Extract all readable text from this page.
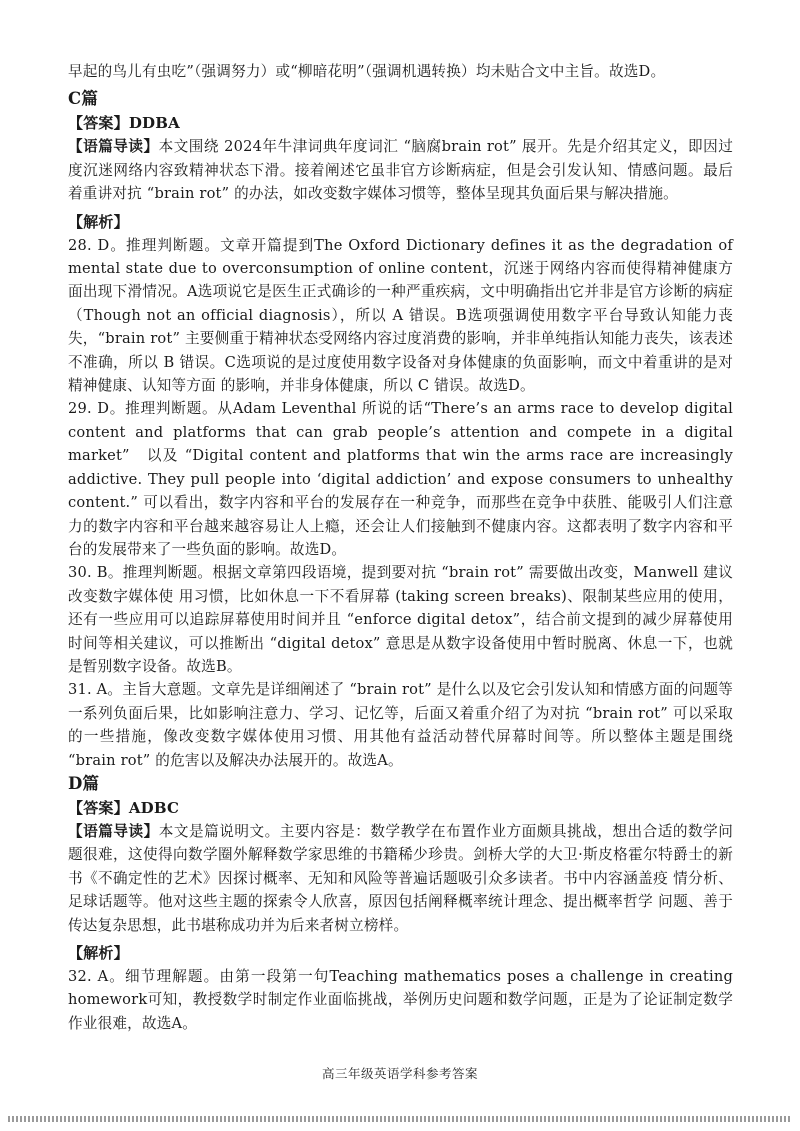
早起的鸟儿有虫吃”（强调努力）或“柳暗花明”（强调机遇转换）均未贴合文中主旨。故选D。

C篇
【答案】DDBA

【语篇导读】本文围绕 2024年牛津词典年度词汇 “脑腐brain rot” 展开。先是介绍其定义，即因过度沉迷网络内容致精神状态下滑。接着阐述它虽非官方诊断病症，但是会引发认知、情感问题。最后着重讲对抗 “brain rot” 的办法，如改变数字媒体习惯等，整体呈现其负面后果与解决措施。

【解析】

28. D。推理判断题。文章开篇提到The Oxford Dictionary defines it as the degradation of mental state due to overconsumption of online content，沉迷于网络内容而使得精神健康方面出现下滑情况。A选项说它是医生正式确诊的一种严重疾病，文中明确指出它并非是官方诊断的病症（Though not an official diagnosis），所以 A 错误。B选项强调使用数字平台导致认知能力丧失，“brain rot” 主要侧重于精神状态受网络内容过度消费的影响，并非单纯指认知能力丧失，该表述不准确，所以 B 错误。C选项说的是过度使用数字设备对身体健康的负面影响，而文中着重讲的是对精神健康、认知等方面 的影响，并非身体健康，所以 C 错误。故选D。

29. D。推理判断题。从Adam Leventhal 所说的话“There’s an arms race to develop digital content and platforms that can grab people’s attention and compete in a digital market”　以及 “Digital content and platforms that win the arms race are increasingly addictive. They pull people into ‘digital addiction’ and expose consumers to unhealthy content.” 可以看出，数字内容和平台的发展存在一种竞争，而那些在竞争中获胜、能吸引人们注意力的数字内容和平台越来越容易让人上瘾，还会让人们接触到不健康内容。这都表明了数字内容和平台的发展带来了一些负面的影响。故选D。

30. B。推理判断题。根据文章第四段语境，提到要对抗 “brain rot” 需要做出改变，Manwell 建议改变数字媒体使 用习惯，比如休息一下不看屏幕 (taking screen breaks)、限制某些应用的使用，还有一些应用可以追踪屏幕使用时间并且 “enforce digital detox”，结合前文提到的减少屏幕使用时间等相关建议，可以推断出 “digital detox” 意思是从数字设备使用中暂时脱离、休息一下，也就是暂别数字设备。故选B。

31. A。主旨大意题。文章先是详细阐述了 “brain rot” 是什么以及它会引发认知和情感方面的问题等一系列负面后果，比如影响注意力、学习、记忆等，后面又着重介绍了为对抗 “brain rot” 可以采取的一些措施，像改变数字媒体使用习惯、用其他有益活动替代屏幕时间等。所以整体主题是围绕 “brain rot” 的危害以及解决办法展开的。故选A。

D篇
【答案】ADBC

【语篇导读】本文是篇说明文。主要内容是：数学教学在布置作业方面颇具挑战，想出合适的数学问题很难，这使得向数学圈外解释数学家思维的书籍稀少珍贵。剑桥大学的大卫·斯皮格霍尔特爵士的新书《不确定性的艺术》因探讨概率、无知和风险等普遍话题吸引众多读者。书中内容涵盖疫 情分析、足球话题等。他对这些主题的探索令人欣喜，原因包括阐释概率统计理念、提出概率哲学 问题、善于传达复杂思想，此书堪称成功并为后来者树立榜样。

【解析】

32. A。细节理解题。由第一段第一句Teaching mathematics poses a challenge in creating homework可知，教授数学时制定作业面临挑战，举例历史问题和数学问题，正是为了论证制定数学作业很难，故选A。

高三年级英语学科参考答案
